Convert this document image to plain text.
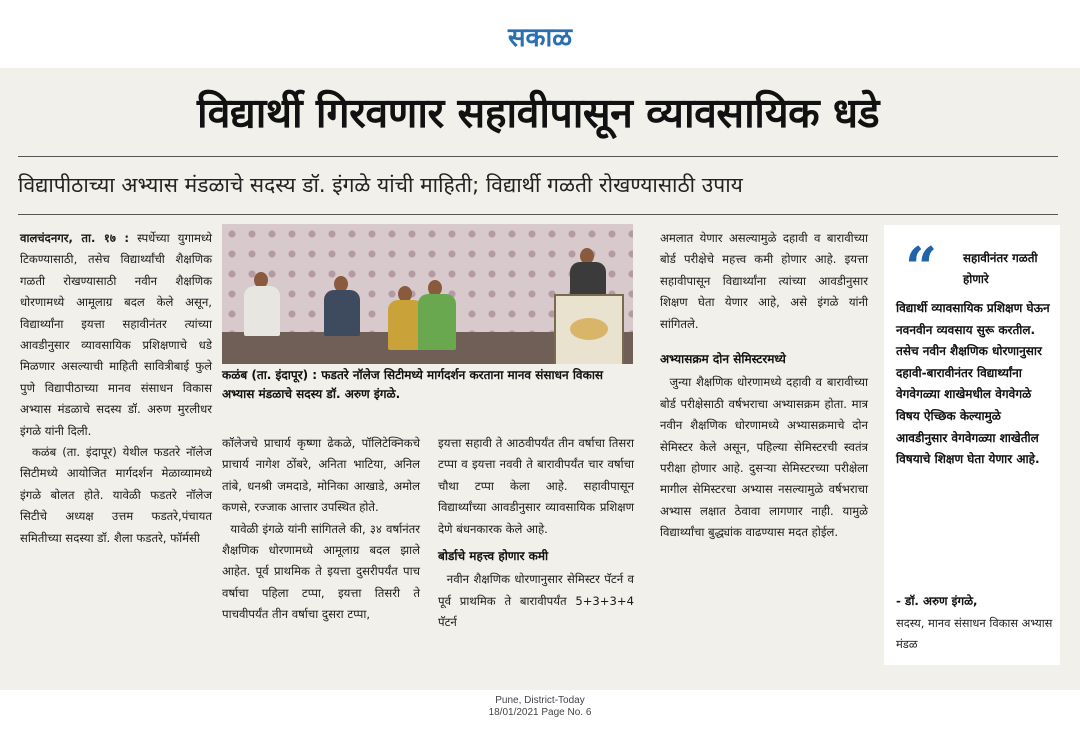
सकाळ
विद्यार्थी गिरवणार सहावीपासून व्यावसायिक धडे
विद्यापीठाच्या अभ्यास मंडळाचे सदस्य डॉ. इंगळे यांची माहिती; विद्यार्थी गळती रोखण्यासाठी उपाय

वालचंदनगर, ता. १७ : स्पर्धेच्या युगामध्ये टिकण्यासाठी, तसेच विद्यार्थ्यांची शैक्षणिक गळती रोखण्यासाठी नवीन शैक्षणिक धोरणामध्ये आमूलाग्र बदल केले असून, विद्यार्थ्यांना इयत्ता सहावीनंतर त्यांच्या आवडीनुसार व्यावसायिक प्रशिक्षणाचे धडे मिळणार असल्याची माहिती सावित्रीबाई फुले पुणे विद्यापीठाच्या मानव संसाधन विकास अभ्यास मंडळाचे सदस्य डॉ. अरुण मुरलीधर इंगळे यांनी दिली.

कळंब (ता. इंदापूर) येथील फडतरे नॉलेज सिटीमध्ये आयोजित मार्गदर्शन मेळाव्यामध्ये इंगळे बोलत होते. यावेळी फडतरे नॉलेज सिटीचे अध्यक्ष उत्तम फडतरे,पंचायत समितीच्या सदस्या डॉ. शैला फडतरे, फॉर्मसी

कळंब (ता. इंदापूर) : फडतरे नॉलेज सिटीमध्ये मार्गदर्शन करताना मानव संसाधन विकास अभ्यास मंडळाचे सदस्य डॉ. अरुण इंगळे.

कॉलेजचे प्राचार्य कृष्णा ढेकळे, पॉलिटेक्निकचे प्राचार्य नागेश ठोंबरे, अनिता भाटिया, अनिल तांबे, धनश्री जमदाडे, मोनिका आखाडे, अमोल कणसे, रज्जाक आत्तार उपस्थित होते.

यावेळी इंगळे यांनी सांगितले की, ३४ वर्षानंतर शैक्षणिक धोरणामध्ये आमूलाग्र बदल झाले आहेत. पूर्व प्राथमिक ते इयत्ता दुसरीपर्यंत पाच वर्षाचा पहिला टप्पा, इयत्ता तिसरी ते पाचवीपर्यंत तीन वर्षाचा दुसरा टप्पा,

इयत्ता सहावी ते आठवीपर्यंत तीन वर्षाचा तिसरा टप्पा व इयत्ता नववी ते बारावीपर्यंत चार वर्षाचा चौथा टप्पा केला आहे. सहावीपासून विद्यार्थ्यांच्या आवडीनुसार व्यावसायिक प्रशिक्षण देणे बंधनकारक केले आहे.

बोर्डाचे महत्त्व होणार कमी

नवीन शैक्षणिक धोरणानुसार सेमिस्टर पॅटर्न व पूर्व प्राथमिक ते बारावीपर्यंत 5+3+3+4 पॅटर्न

अमलात येणार असल्यामुळे दहावी व बारावीच्या बोर्ड परीक्षेचे महत्त्व कमी होणार आहे. इयत्ता सहावीपासून विद्यार्थ्यांना त्यांच्या आवडीनुसार शिक्षण घेता येणार आहे, असे इंगळे यांनी सांगितले.

अभ्यासक्रम दोन सेमिस्टरमध्ये

जुन्या शैक्षणिक धोरणामध्ये दहावी व बारावीच्या बोर्ड परीक्षेसाठी वर्षभराचा अभ्यासक्रम होता. मात्र नवीन शैक्षणिक धोरणामध्ये अभ्यासक्रमाचे दोन सेमिस्टर केले असून, पहिल्या सेमिस्टरची स्वतंत्र परीक्षा होणार आहे. दुसऱ्या सेमिस्टरच्या परीक्षेला मागील सेमिस्टरचा अभ्यास नसल्यामुळे वर्षभराचा अभ्यास लक्षात ठेवावा लागणार नाही. यामुळे विद्यार्थ्यांचा बुद्ध्यांक वाढण्यास मदत होईल.

“ सहावीनंतर गळती होणारे
विद्यार्थी व्यावसायिक प्रशिक्षण घेऊन नवनवीन व्यवसाय सुरू करतील. तसेच नवीन शैक्षणिक धोरणानुसार दहावी-बारावीनंतर विद्यार्थ्यांना वेगवेगळ्या शाखेमधील वेगवेगळे विषय ऐच्छिक केल्यामुळे आवडीनुसार वेगवेगळ्या शाखेतील विषयाचे शिक्षण घेता येणार आहे.
- डॉ. अरुण इंगळे,
सदस्य, मानव संसाधन विकास अभ्यास मंडळ
Pune, District-Today
18/01/2021 Page No. 6
